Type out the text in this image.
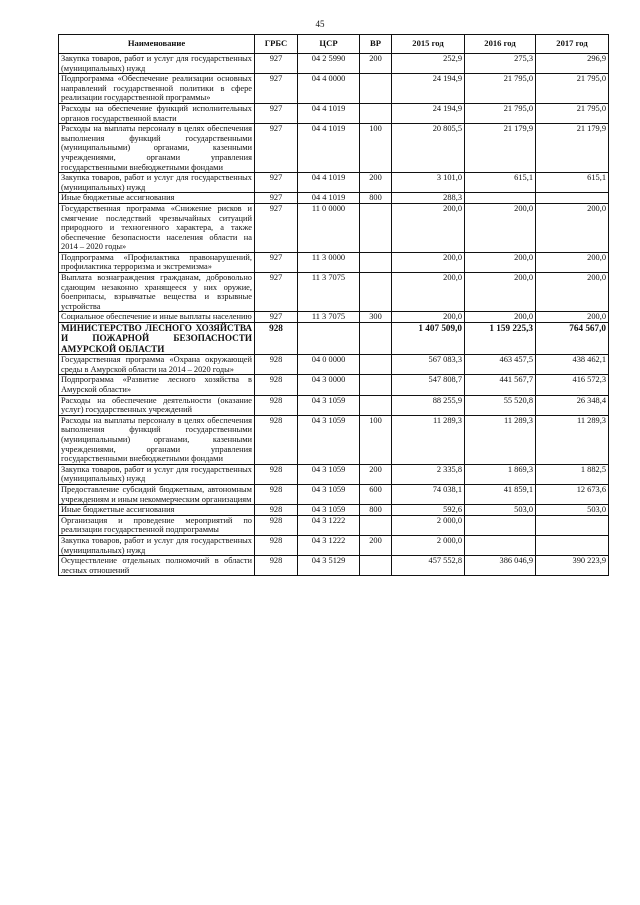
45
Наименование	ГРБС	ЦСР	ВР	2015 год	2016 год	2017 год
Закупка товаров, работ и услуг для государственных (муниципальных) нужд	927	04 2 5990	200	252,9	275,3	296,9
Подпрограмма «Обеспечение реализации основных направлений государственной политики в сфере реализации государственной программы»	927	04 4 0000		24 194,9	21 795,0	21 795,0
Расходы на обеспечение функций исполнительных органов государственной власти	927	04 4 1019		24 194,9	21 795,0	21 795,0
Расходы на выплаты персоналу в целях обеспечения выполнения функций государственными (муниципальными) органами, казенными учреждениями, органами управления государственными внебюджетными фондами	927	04 4 1019	100	20 805,5	21 179,9	21 179,9
Закупка товаров, работ и услуг для государственных (муниципальных) нужд	927	04 4 1019	200	3 101,0	615,1	615,1
Иные бюджетные ассигнования	927	04 4 1019	800	288,3		
Государственная программа «Снижение рисков и смягчение последствий чрезвычайных ситуаций природного и техногенного характера, а также обеспечение безопасности населения области на 2014 – 2020 годы»	927	11 0 0000		200,0	200,0	200,0
Подпрограмма «Профилактика правонарушений, профилактика терроризма и экстремизма»	927	11 3 0000		200,0	200,0	200,0
Выплата вознаграждения гражданам, добровольно сдающим незаконно хранящееся у них оружие, боеприпасы, взрывчатые вещества и взрывные устройства	927	11 3 7075		200,0	200,0	200,0
Социальное обеспечение и иные выплаты населению	927	11 3 7075	300	200,0	200,0	200,0
МИНИСТЕРСТВО ЛЕСНОГО ХОЗЯЙСТВА И ПОЖАРНОЙ БЕЗОПАСНОСТИ АМУРСКОЙ ОБЛАСТИ	928			1 407 509,0	1 159 225,3	764 567,0
Государственная программа «Охрана окружающей среды в Амурской области на 2014 – 2020 годы»	928	04 0 0000		567 083,3	463 457,5	438 462,1
Подпрограмма «Развитие лесного хозяйства в Амурской области»	928	04 3 0000		547 808,7	441 567,7	416 572,3
Расходы на обеспечение деятельности (оказание услуг) государственных учреждений	928	04 3 1059		88 255,9	55 520,8	26 348,4
Расходы на выплаты персоналу в целях обеспечения выполнения функций государственными (муниципальными) органами, казенными учреждениями, органами управления государственными внебюджетными фондами	928	04 3 1059	100	11 289,3	11 289,3	11 289,3
Закупка товаров, работ и услуг для государственных (муниципальных) нужд	928	04 3 1059	200	2 335,8	1 869,3	1 882,5
Предоставление субсидий бюджетным, автономным учреждениям и иным некоммерческим организациям	928	04 3 1059	600	74 038,1	41 859,1	12 673,6
Иные бюджетные ассигнования	928	04 3 1059	800	592,6	503,0	503,0
Организация и проведение мероприятий по реализации государственной подпрограммы	928	04 3 1222		2 000,0		
Закупка товаров, работ и услуг для государственных (муниципальных) нужд	928	04 3 1222	200	2 000,0		
Осуществление отдельных полномочий в области лесных отношений	928	04 3 5129		457 552,8	386 046,9	390 223,9
